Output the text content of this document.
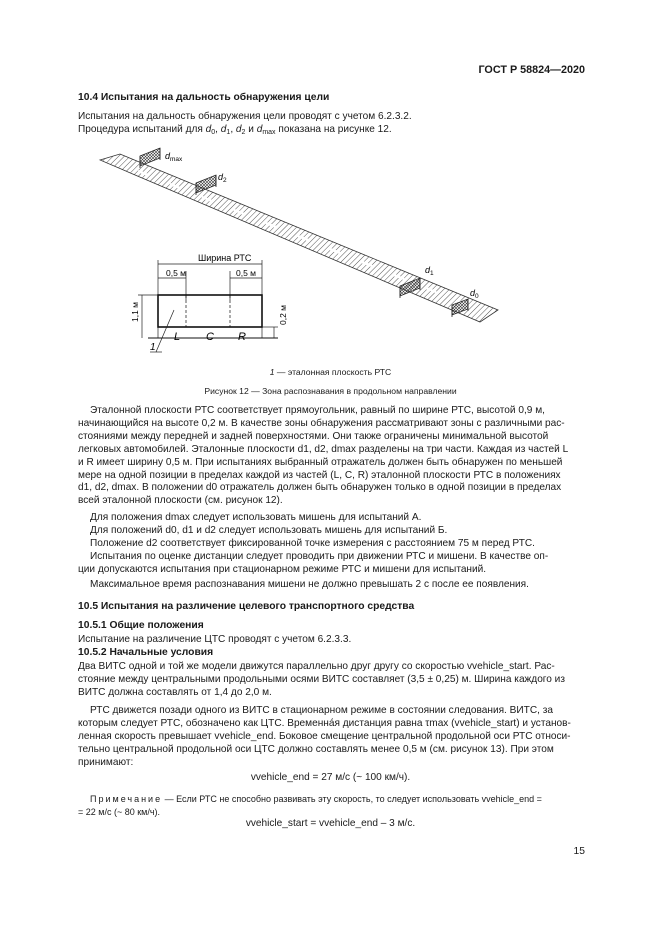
ГОСТ Р 58824—2020
10.4 Испытания на дальность обнаружения цели
Испытания на дальность обнаружения цели проводят с учетом 6.2.3.2.
Процедура испытаний для $d_0$, $d_1$, $d_2$ и $d_{max}$ показана на рисунке 12.
$d_{max}$
$d_2$
$d_1$
$d_0$
Ширина РТС
0,5 м	0,5 м
L C R
1,1 м	0,2 м
1
1 — эталонная плоскость РТС
Рисунок 12 — Зона распознавания в продольном направлении
Эталонной плоскости РТС соответствует прямоугольник, равный по ширине РТС, высотой 0,9 м,
начинающийся на высоте 0,2 м. В качестве зоны обнаружения рассматривают зоны с различными рас-
стояниями между передней и задней поверхностями. Они также ограничены минимальной высотой
легковых автомобилей. Эталонные плоскости d1, d2, dmax разделены на три части. Каждая из частей L
и R имеет ширину 0,5 м. При испытаниях выбранный отражатель должен быть обнаружен по меньшей
мере на одной позиции в пределах каждой из частей (L, C, R) эталонной плоскости РТС в положениях
d1, d2, dmax. В положении d0 отражатель должен быть обнаружен только в одной позиции в пределах
всей эталонной плоскости (см. рисунок 12).
Для положения dmax следует использовать мишень для испытаний А.
Для положений d0, d1 и d2 следует использовать мишень для испытаний Б.
Положение d2 соответствует фиксированной точке измерения с расстоянием 75 м перед РТС.
Испытания по оценке дистанции следует проводить при движении РТС и мишени. В качестве оп-
ции допускаются испытания при стационарном режиме РТС и мишени для испытаний.
Максимальное время распознавания мишени не должно превышать 2 с после ее появления.
10.5 Испытания на различение целевого транспортного средства
10.5.1 Общие положения
Испытание на различение ЦТС проводят с учетом 6.2.3.3.
10.5.2 Начальные условия
Два ВИТС одной и той же модели движутся параллельно друг другу со скоростью vvehicle_start. Рас-
стояние между центральными продольными осями ВИТС составляет (3,5 ± 0,25) м. Ширина каждого из
ВИТС должна составлять от 1,4 до 2,0 м.
РТС движется позади одного из ВИТС в стационарном режиме в состоянии следования. ВИТС, за
которым следует РТС, обозначено как ЦТС. Временна́я дистанция равна τmax (vvehicle_start) и установ-
ленная скорость превышает vvehicle_end. Боковое смещение центральной продольной оси РТС относи-
тельно центральной продольной оси ЦТС должно составлять менее 0,5 м (см. рисунок 13). При этом
принимают:
vvehicle_end = 27 м/с (~ 100 км/ч).
Примечание — Если РТС не способно развивать эту скорость, то следует использовать vvehicle_end =
= 22 м/с (~ 80 км/ч).
vvehicle_start = vvehicle_end – 3 м/с.
15
